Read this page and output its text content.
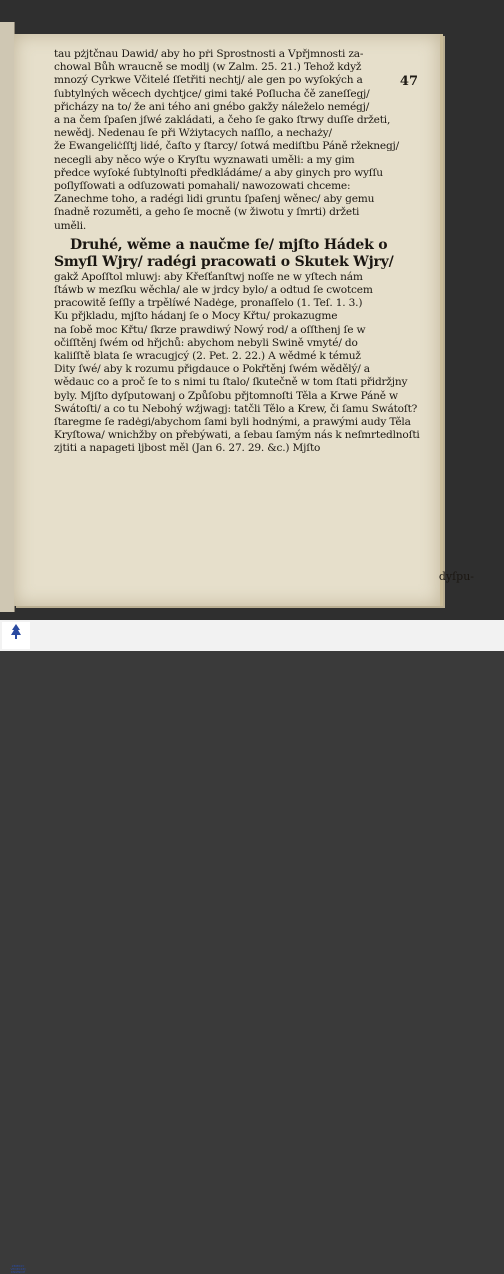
47

tau pżjtčnau Dawid/ aby ho pṙi Sprostnosti a Vpřjmnosti za-

chowal Bůh wraucně se modlj (w Zalm. 25. 21.) Tehož když

mnozý Cyrkwe Včitelé ſſetřiti nechtj/ ale gen po wyſokých a

ſubtylných wěcech dychtjce/ gimi také Poſlucha čě zaneſſegj/

přicházy na to/ že ani tého ani gnébo gakžy náleželo nemégj/

a na čem ſpaſen jſwé zakládati, a čeho ſe gako ſtrwy duſſe držeti, newědj. Nedenau ſe při Wżiytacych naſſlo, a nechaży/

že Ewangeliċſſtj lidé, čaſto y ſtarcy/ ſotwá mediſtbu Páně ržeknegj/ necegli aby něco wýe o Kryſtu wyznawati uměli: a my gim

předce wyſoké ſubtylnoſti předkládáme/ a aby ginych pro wyſſu

poſlyſſowati a odſuzowati pomahali/ nawozowati chceme:

Zanechme toho, a radégi lidi gruntu ſpaſenj wěnec/ aby gemu

ſnadně rozuměti, a geho ſe mocně (w žiwotu y ſmrti) držeti

uměli.

Druhé, wěme a naučme ſe/ mjſto Hádek o

Smyſl Wjry/ radégi pracowati o Skutek Wjry/

gakž Apoſſtol mluwj: aby Křeſťanſtwj noſſe ne w yſtech nám

ſtáwb w mezſku wěchla/ ale w jrdcy bylo/ a odtud ſe cwotcem

pracowitě ſeſſly a trpělíwé Nadėge, pronaſſelo (1. Teſ. 1. 3.)

Ku přjkladu, mjſto hádanj ſe o Mocy Křtu/ prokazugme

na ſobě moc Křtu/ ſkrze prawdiwý Nowý rod/ a oſſthenj ſe w

očiſſtěnj ſwém od hřjchů: abychom nebyli Swině vmyté/ do

kaliſſtě blata ſe wracugjcý (2. Pet. 2. 22.) A wědmé k témuž

Dity ſwé/ aby k rozumu přigdauce o Pokřtěnj ſwém wědělý/ a

wědauc co a proč ſe to s nimi tu ſtalo/ ſkutečně w tom ſtati přidržjny byly. Mjſto dyſputowanj o Způſobu přjtomnoſti Těla a Krwe Páně w Swátoſti/ a co tu Nebohý wźjwagj: tatčli Tělo a Krew, či ſamu Swátoſt? ſtaregme ſe radėgi/abychom ſami byli hodnými, a prawými audy Těla Kryſtowa/ wnichžby on přebýwati, a ſebau ſamým nás k neſmrtedlnoſti zjtiti a napageti ljbost měl (Jan 6. 27. 29. &c.) Mjſto

dyſpu-
ZBIERKY VEDECKEJ KNIŽNICE
